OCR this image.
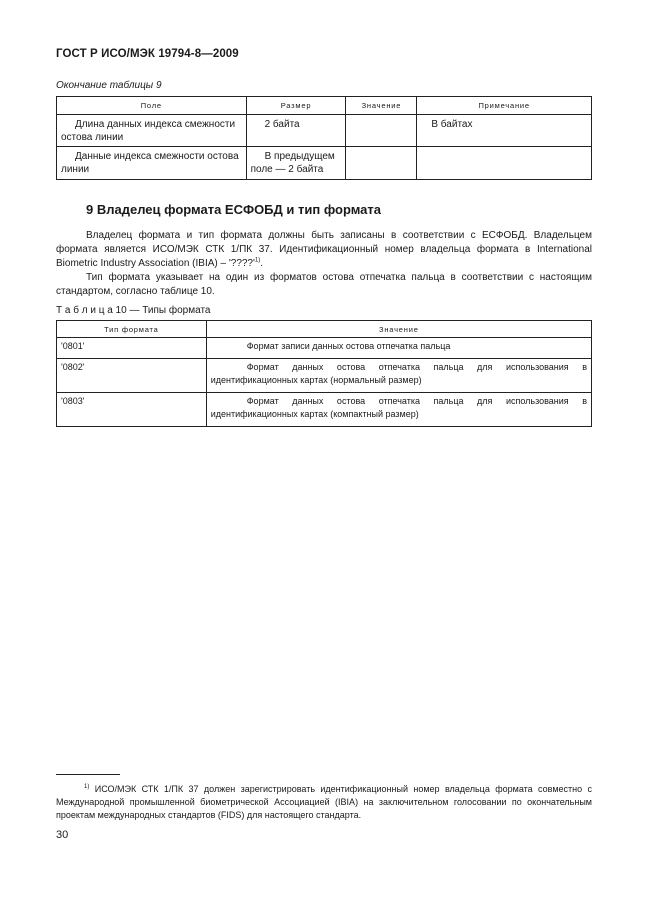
ГОСТ Р ИСО/МЭК 19794-8—2009
Окончание таблицы 9
Поле	Размер	Значение	Примечание
Длина данных индекса смежности остова линии	2 байта		В байтах
Данные индекса смежности остова линии	В предыдущем поле — 2 байта		
9 Владелец формата ЕСФОБД и тип формата
Владелец формата и тип формата должны быть записаны в соответствии с ЕСФОБД. Владельцем формата является ИСО/МЭК СТК 1/ПК 37. Идентификационный номер владельца формата в International Biometric Industry Association (IBIA) – '$????'^{1)}$.
Тип формата указывает на один из форматов остова отпечатка пальца в соответствии с настоящим стандартом, согласно таблице 10.
Т а б л и ц а 10 — Типы формата
Тип формата	Значение
'0801'	Формат записи данных остова отпечатка пальца
'0802'	Формат данных остова отпечатка пальца для использования в идентификационных картах (нормальный размер)
'0803'	Формат данных остова отпечатка пальца для использования в идентификационных картах (компактный размер)
$^{1)}$ ИСО/МЭК СТК 1/ПК 37 должен зарегистрировать идентификационный номер владельца формата совместно с Международной промышленной биометрической Ассоциацией (IBIA) на заключительном голосовании по окончательным проектам международных стандартов (FIDS) для настоящего стандарта.
30
